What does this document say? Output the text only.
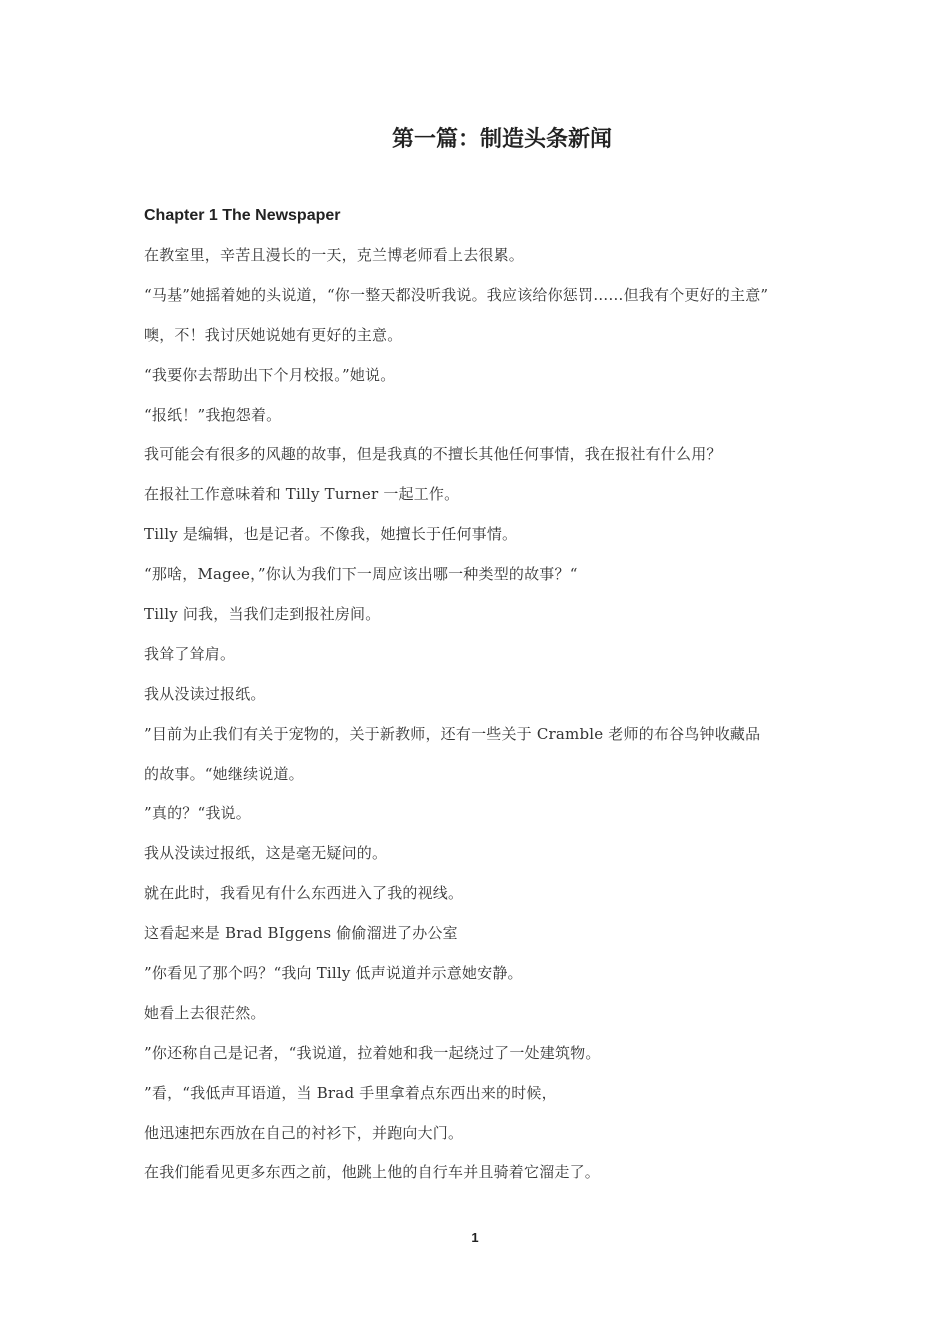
第一篇：制造头条新闻
Chapter 1 The Newspaper

在教室里，辛苦且漫长的一天，克兰博老师看上去很累。

“马基”她摇着她的头说道，“你一整天都没听我说。我应该给你惩罚……但我有个更好的主意”

噢，不！我讨厌她说她有更好的主意。

“我要你去帮助出下个月校报。”她说。

“报纸！”我抱怨着。

我可能会有很多的风趣的故事，但是我真的不擅长其他任何事情，我在报社有什么用？

在报社工作意味着和 Tilly Turner 一起工作。

Tilly 是编辑，也是记者。不像我，她擅长于任何事情。

“那啥，Magee，”你认为我们下一周应该出哪一种类型的故事？“

Tilly 问我，当我们走到报社房间。

我耸了耸肩。

我从没读过报纸。

”目前为止我们有关于宠物的，关于新教师，还有一些关于 Cramble 老师的布谷鸟钟收藏品

的故事。“她继续说道。

”真的？“我说。

我从没读过报纸，这是毫无疑问的。

就在此时，我看见有什么东西进入了我的视线。

这看起来是 Brad BIggens 偷偷溜进了办公室

”你看见了那个吗？“我向 Tilly 低声说道并示意她安静。

她看上去很茫然。

”你还称自己是记者，“我说道，拉着她和我一起绕过了一处建筑物。

”看，“我低声耳语道，当 Brad 手里拿着点东西出来的时候，

他迅速把东西放在自己的衬衫下，并跑向大门。

在我们能看见更多东西之前，他跳上他的自行车并且骑着它溜走了。

1
